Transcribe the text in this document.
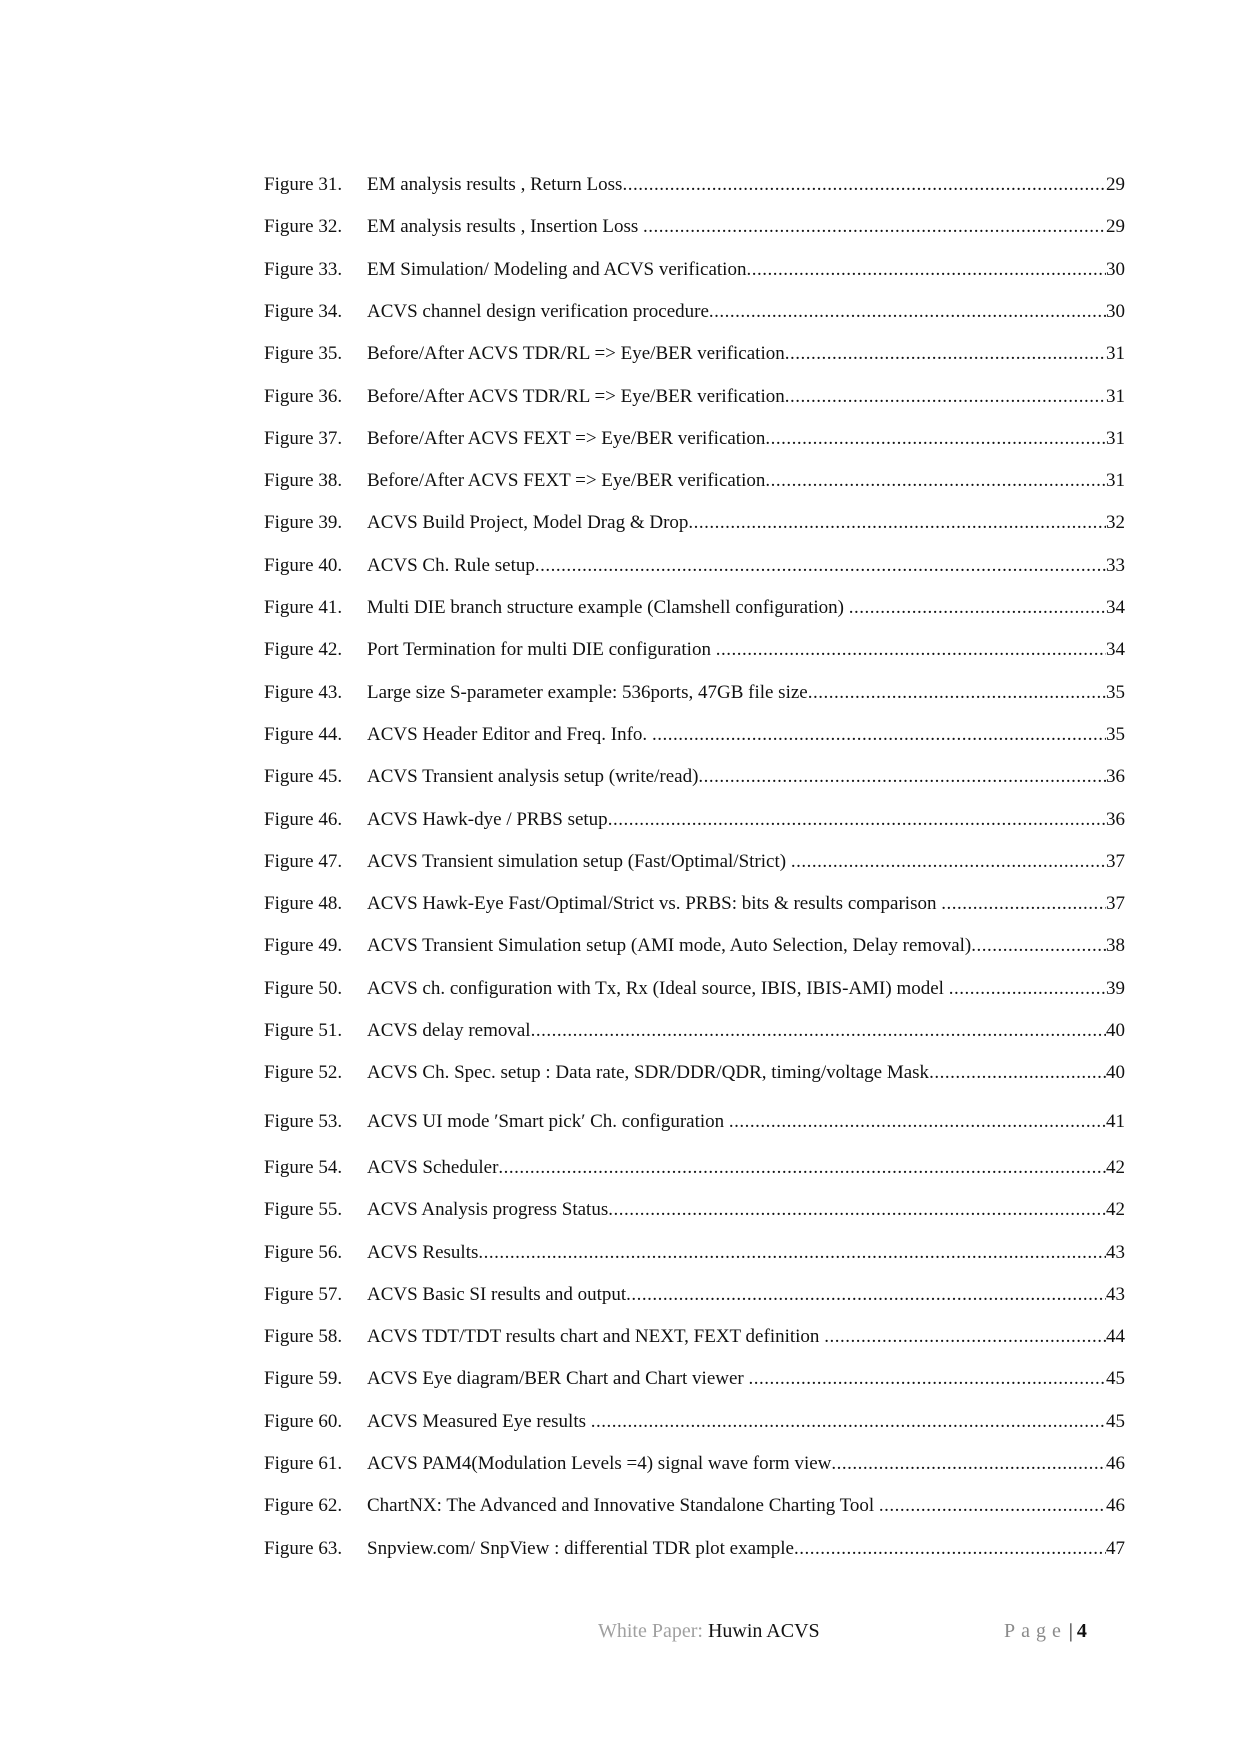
Figure 31.	EM analysis results , Return Loss .....	29
Figure 32.	EM analysis results , Insertion Loss .....	29
Figure 33.	EM Simulation/ Modeling and ACVS verification .....	30
Figure 34.	ACVS channel design verification procedure .....	30
Figure 35.	Before/After ACVS TDR/RL => Eye/BER verification .....	31
Figure 36.	Before/After ACVS TDR/RL => Eye/BER verification .....	31
Figure 37.	Before/After ACVS FEXT => Eye/BER verification .....	31
Figure 38.	Before/After ACVS FEXT => Eye/BER verification .....	31
Figure 39.	ACVS Build Project, Model Drag & Drop .....	32
Figure 40.	ACVS Ch. Rule setup .....	33
Figure 41.	Multi DIE branch structure example (Clamshell configuration) .....	34
Figure 42.	Port Termination for multi DIE configuration .....	34
Figure 43.	Large size S-parameter example: 536ports, 47GB file size .....	35
Figure 44.	ACVS Header Editor and Freq. Info. .....	35
Figure 45.	ACVS Transient analysis setup (write/read) .....	36
Figure 46.	ACVS Hawk-dye / PRBS setup .....	36
Figure 47.	ACVS Transient simulation setup (Fast/Optimal/Strict) .....	37
Figure 48.	ACVS Hawk-Eye Fast/Optimal/Strict vs. PRBS: bits & results comparison .....	37
Figure 49.	ACVS Transient Simulation setup (AMI mode, Auto Selection, Delay removal) .....	38
Figure 50.	ACVS ch. configuration with Tx, Rx (Ideal source, IBIS, IBIS-AMI) model .....	39
Figure 51.	ACVS delay removal .....	40
Figure 52.	ACVS Ch. Spec. setup : Data rate, SDR/DDR/QDR, timing/voltage Mask .....	40
Figure 53.	ACVS UI mode ′Smart pick′ Ch. configuration .....	41
Figure 54.	ACVS Scheduler .....	42
Figure 55.	ACVS Analysis progress Status .....	42
Figure 56.	ACVS Results .....	43
Figure 57.	ACVS Basic SI results and output .....	43
Figure 58.	ACVS TDT/TDT results chart and NEXT, FEXT definition .....	44
Figure 59.	ACVS Eye diagram/BER Chart and Chart viewer .....	45
Figure 60.	ACVS Measured Eye results .....	45
Figure 61.	ACVS PAM4(Modulation Levels =4) signal wave form view .....	46
Figure 62.	ChartNX: The Advanced and Innovative Standalone Charting Tool .....	46
Figure 63.	Snpview.com/ SnpView : differential TDR plot example .....	47
White Paper: Huwin ACVS	Page | 4
